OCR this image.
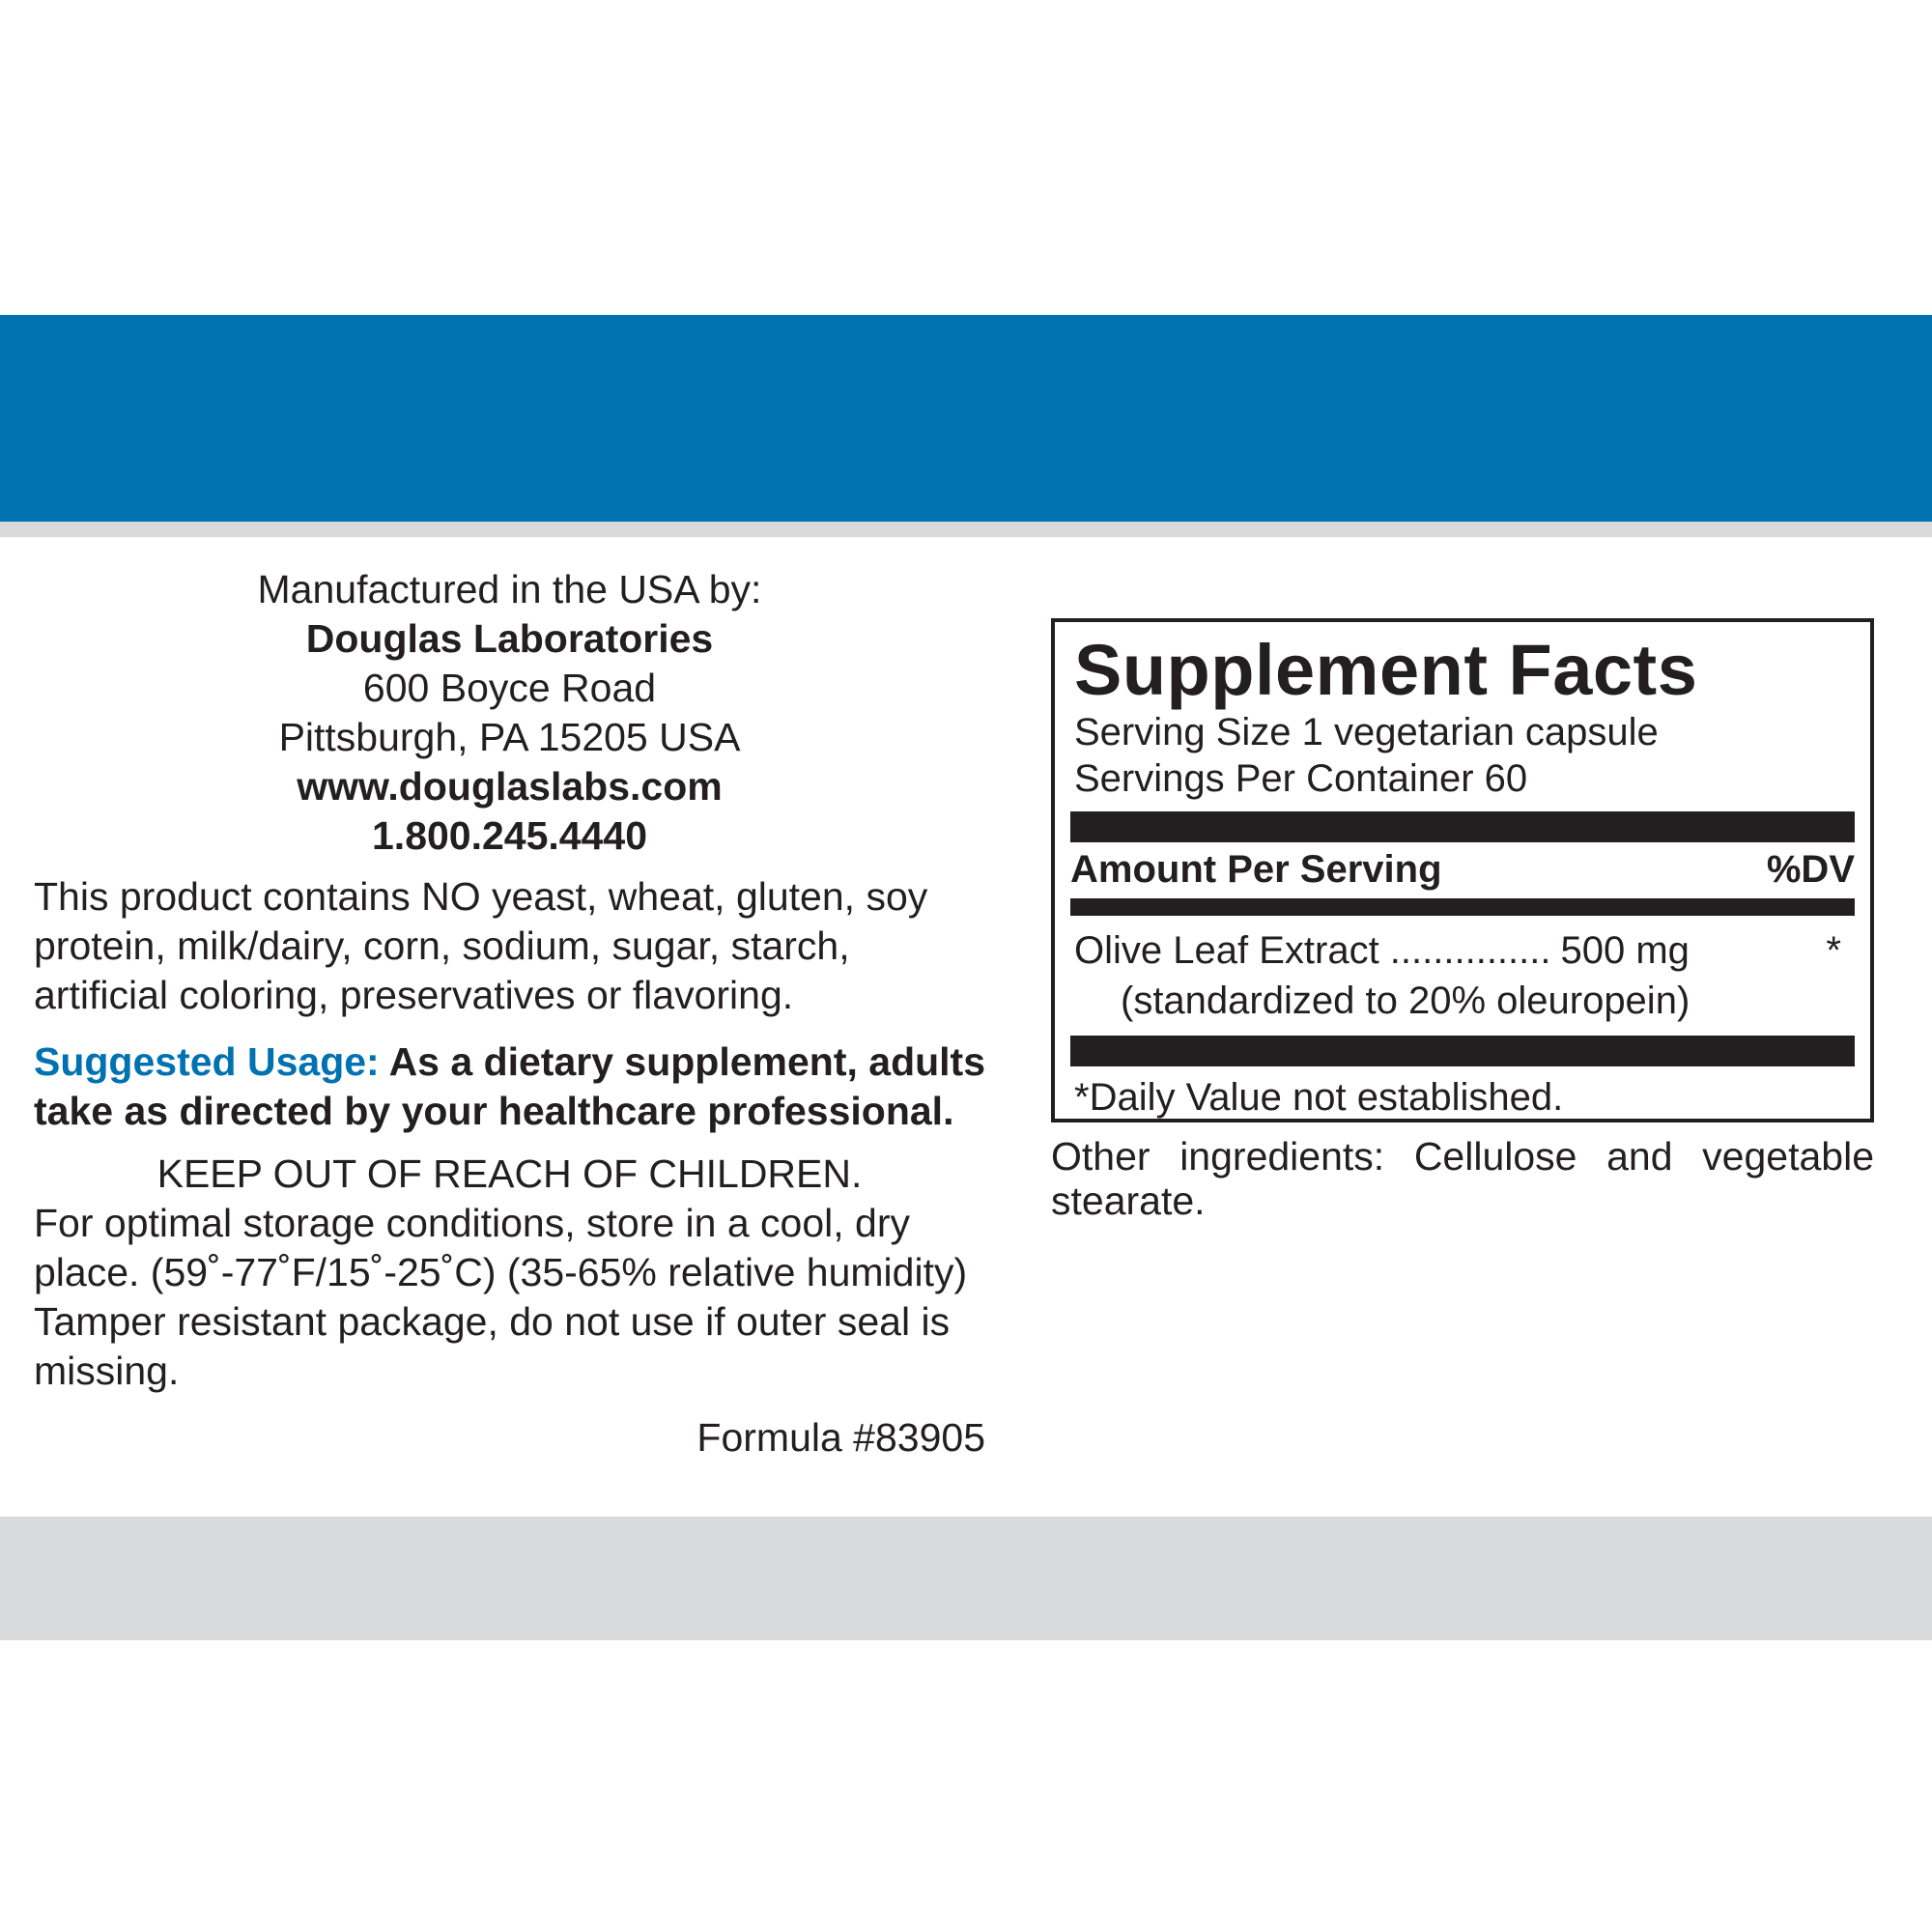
Manufactured in the USA by:
Douglas Laboratories
600 Boyce Road
Pittsburgh, PA 15205 USA
www.douglaslabs.com
1.800.245.4440
This product contains NO yeast, wheat, gluten, soy protein, milk/dairy, corn, sodium, sugar, starch, artificial coloring, preservatives or flavoring.
Suggested Usage: As a dietary supplement, adults take as directed by your healthcare professional.
KEEP OUT OF REACH OF CHILDREN.
For optimal storage conditions, store in a cool, dry place. (59˚-77˚F/15˚-25˚C) (35-65% relative humidity) Tamper resistant package, do not use if outer seal is missing.
Formula #83905
Supplement Facts
Serving Size 1 vegetarian capsule
Servings Per Container 60
Amount Per Serving	%DV
Olive Leaf Extract ............... 500 mg	*
(standardized to 20% oleuropein)
*Daily Value not established.
Other ingredients: Cellulose and vegetable stearate.
